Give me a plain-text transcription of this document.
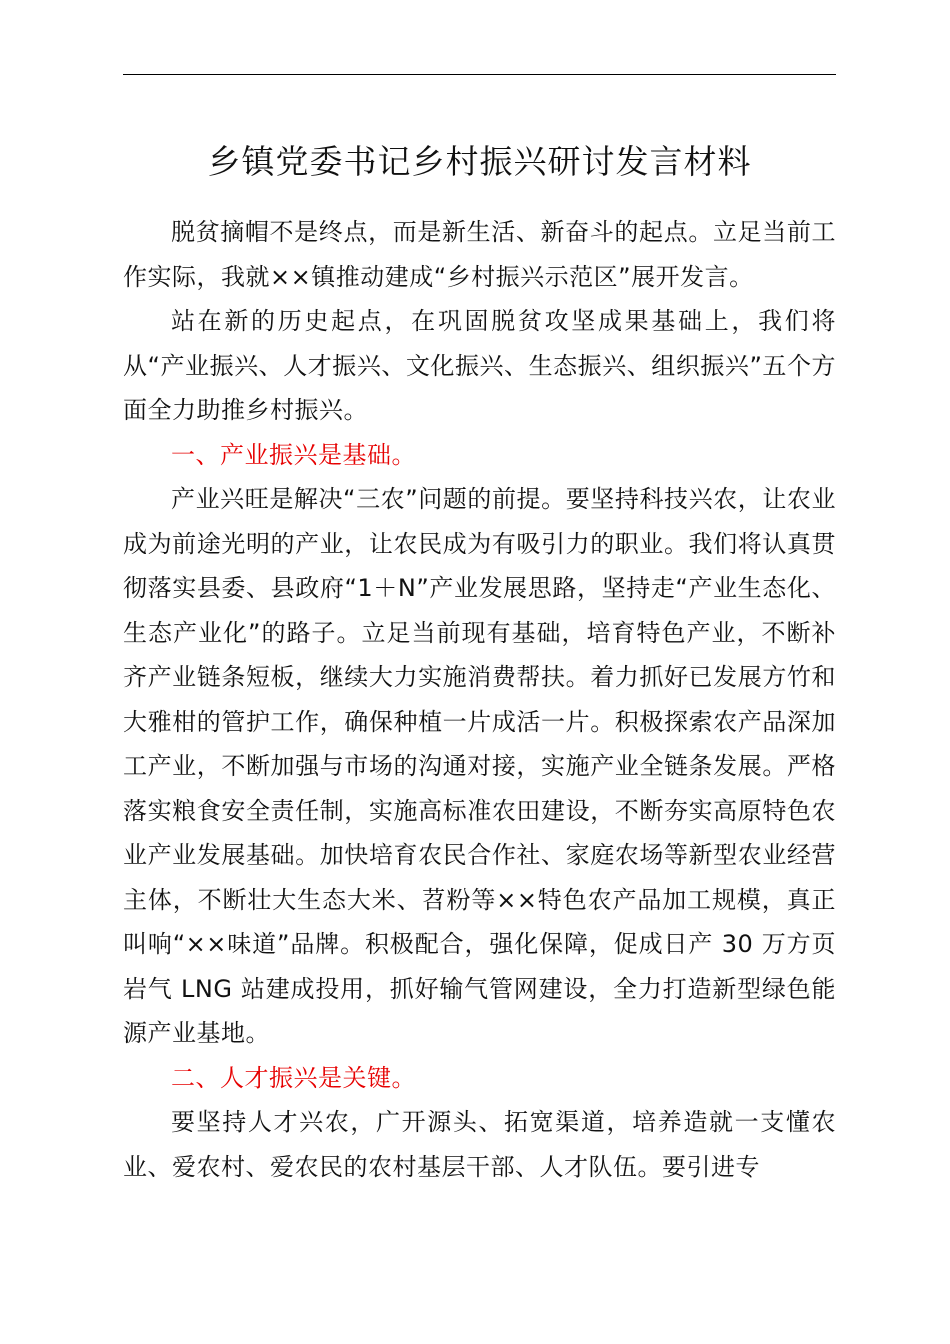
乡镇党委书记乡村振兴研讨发言材料

脱贫摘帽不是终点，而是新生活、新奋斗的起点。立足当前工作实际，我就××镇推动建成“乡村振兴示范区”展开发言。

站在新的历史起点，在巩固脱贫攻坚成果基础上，我们将从“产业振兴、人才振兴、文化振兴、生态振兴、组织振兴”五个方面全力助推乡村振兴。

一、产业振兴是基础。

产业兴旺是解决“三农”问题的前提。要坚持科技兴农，让农业成为前途光明的产业，让农民成为有吸引力的职业。我们将认真贯彻落实县委、县政府“1＋N”产业发展思路，坚持走“产业生态化、生态产业化”的路子。立足当前现有基础，培育特色产业，不断补齐产业链条短板，继续大力实施消费帮扶。着力抓好已发展方竹和大雅柑的管护工作，确保种植一片成活一片。积极探索农产品深加工产业，不断加强与市场的沟通对接，实施产业全链条发展。严格落实粮食安全责任制，实施高标准农田建设，不断夯实高原特色农业产业发展基础。加快培育农民合作社、家庭农场等新型农业经营主体，不断壮大生态大米、苕粉等××特色农产品加工规模，真正叫响“××味道”品牌。积极配合，强化保障，促成日产 30 万方页岩气 LNG 站建成投用，抓好输气管网建设，全力打造新型绿色能源产业基地。

二、人才振兴是关键。

要坚持人才兴农，广开源头、拓宽渠道，培养造就一支懂农业、爱农村、爱农民的农村基层干部、人才队伍。要引进专
